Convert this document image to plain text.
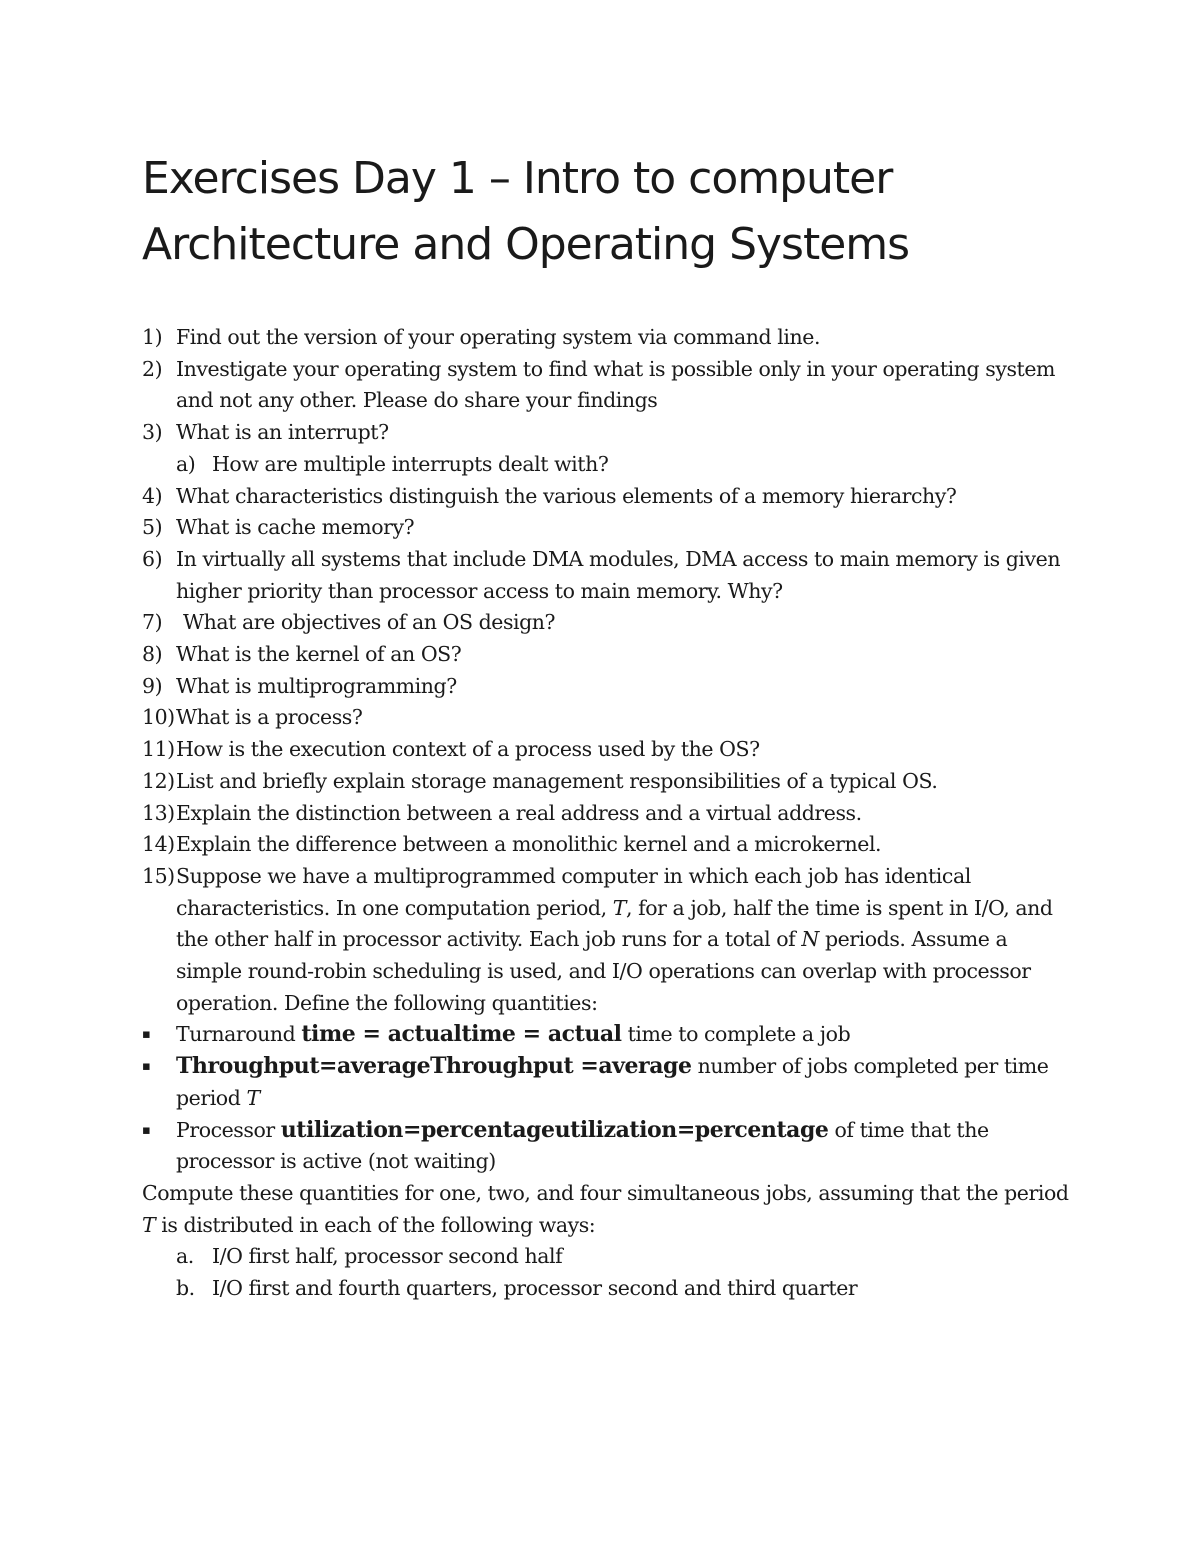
Exercises Day 1 – Intro to computer Architecture and Operating Systems
1) Find out the version of your operating system via command line.
2) Investigate your operating system to find what is possible only in your operating system and not any other. Please do share your findings
3) What is an interrupt?
a) How are multiple interrupts dealt with?
4) What characteristics distinguish the various elements of a memory hierarchy?
5) What is cache memory?
6) In virtually all systems that include DMA modules, DMA access to main memory is given higher priority than processor access to main memory. Why?
7) What are objectives of an OS design?
8) What is the kernel of an OS?
9) What is multiprogramming?
10) What is a process?
11) How is the execution context of a process used by the OS?
12) List and briefly explain storage management responsibilities of a typical OS.
13) Explain the distinction between a real address and a virtual address.
14) Explain the difference between a monolithic kernel and a microkernel.
15) Suppose we have a multiprogrammed computer in which each job has identical characteristics. In one computation period, T, for a job, half the time is spent in I/O, and the other half in processor activity. Each job runs for a total of N periods. Assume a simple round-robin scheduling is used, and I/O operations can overlap with processor operation. Define the following quantities:
▪ Turnaround time = actualtime = actual time to complete a job
▪ Throughput=averageThroughput =average number of jobs completed per time period T
▪ Processor utilization=percentageutilization=percentage of time that the processor is active (not waiting)
Compute these quantities for one, two, and four simultaneous jobs, assuming that the period T is distributed in each of the following ways:
a. I/O first half, processor second half
b. I/O first and fourth quarters, processor second and third quarter
